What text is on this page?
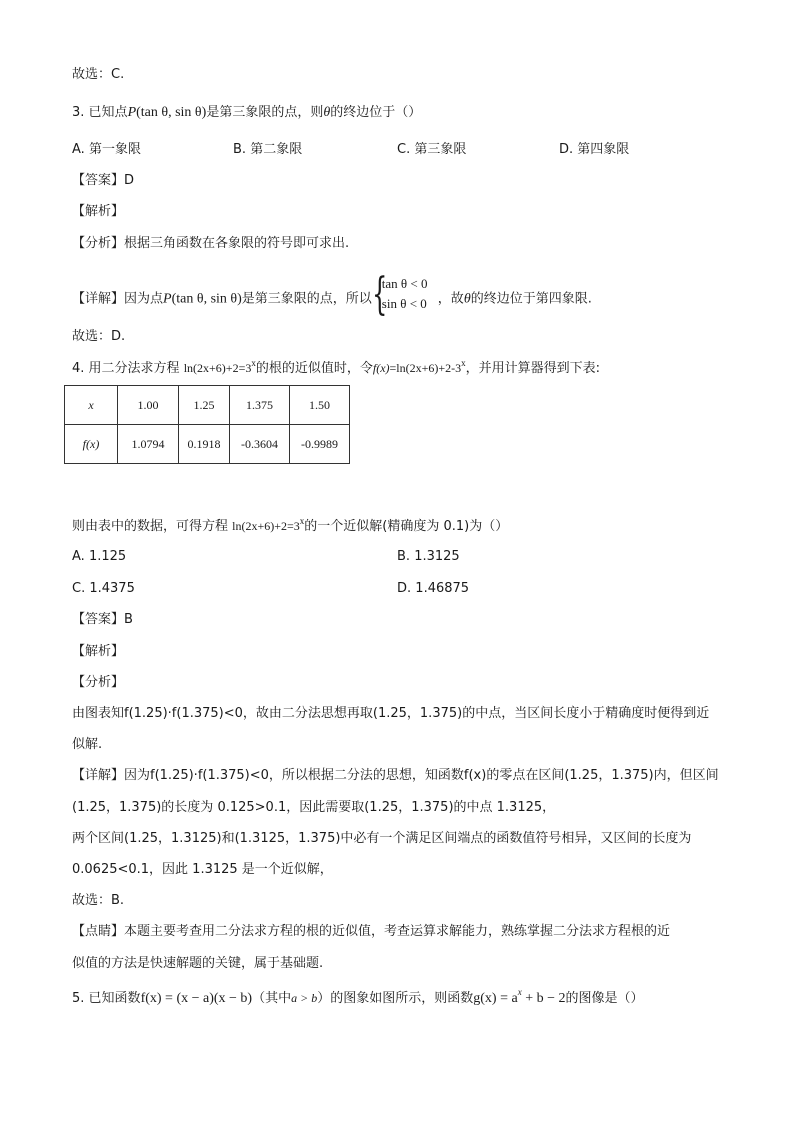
故选：C.
3. 已知点P(tan θ, sin θ)是第三象限的点，则θ的终边位于（）
A. 第一象限	B. 第二象限	C. 第三象限	D. 第四象限
【答案】D
【解析】
【分析】根据三角函数在各象限的符号即可求出.
【详解】因为点P(tan θ, sin θ)是第三象限的点，所以 {
tan θ < 0
sin θ < 0 ，故θ的终边位于第四象限.
故选：D.
4. 用二分法求方程 $\ln(2x+6)+2=3^x$的根的近似值时，令$f(x)=\ln(2x+6)+2-3^x$，并用计算器得到下表:
x	1.00	1.25	1.375	1.50
f(x)	1.0794	0.1918	-0.3604	-0.9989
则由表中的数据，可得方程 $\ln(2x+6)+2=3^x$的一个近似解(精确度为 0.1)为（）
A. 1.125	B. 1.3125
C. 1.4375	D. 1.46875
【答案】B
【解析】
【分析】
由图表知f(1.25)·f(1.375)<0，故由二分法思想再取(1.25，1.375)的中点，当区间长度小于精确度时便得到近
似解.
【详解】因为f(1.25)·f(1.375)<0，所以根据二分法的思想，知函数f(x)的零点在区间(1.25，1.375)内，但区间
(1.25，1.375)的长度为 0.125>0.1，因此需要取(1.25，1.375)的中点 1.3125，
两个区间(1.25，1.3125)和(1.3125，1.375)中必有一个满足区间端点的函数值符号相异，又区间的长度为
0.0625<0.1，因此 1.3125 是一个近似解，
故选：B.
【点睛】本题主要考查用二分法求方程的根的近似值，考查运算求解能力，熟练掌握二分法求方程根的近
似值的方法是快速解题的关键，属于基础题.
5. 已知函数f(x) = (x − a)(x − b)（其中a > b）的图象如图所示，则函数$g(x) = a^x + b - 2$的图像是（）
